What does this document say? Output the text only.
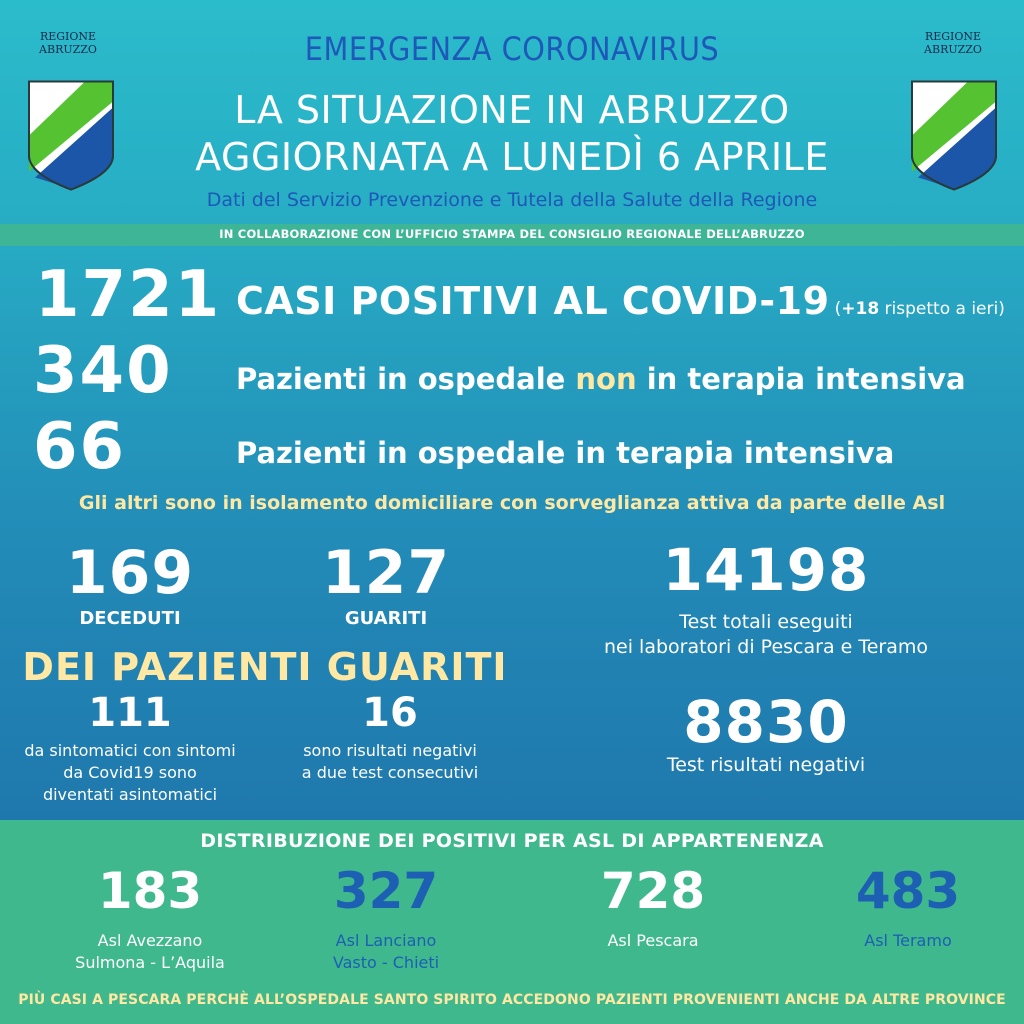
REGIONE
ABRUZZO
REGIONE
ABRUZZO
EMERGENZA CORONAVIRUS
LA SITUAZIONE IN ABRUZZO
AGGIORNATA A LUNEDÌ 6 APRILE
Dati del Servizio Prevenzione e Tutela della Salute della Regione
IN COLLABORAZIONE CON L’UFFICIO STAMPA DEL CONSIGLIO REGIONALE DELL’ABRUZZO
1721 CASI POSITIVI AL COVID-19 (+18 rispetto a ieri)
340 Pazienti in ospedale non in terapia intensiva
66	Pazienti in ospedale in terapia intensiva
Gli altri sono in isolamento domiciliare con sorveglianza attiva da parte delle Asl
169
DECEDUTI
127
GUARITI
DEI PAZIENTI GUARITI
111
da sintomatici con sintomi
da Covid19 sono
diventati asintomatici
16
sono risultati negativi
a due test consecutivi
14198
Test totali eseguiti
nei laboratori di Pescara e Teramo
8830
Test risultati negativi
DISTRIBUZIONE DEI POSITIVI PER ASL DI APPARTENENZA
183
Asl Avezzano
Sulmona - L’Aquila
327
Asl Lanciano
Vasto - Chieti
728
Asl Pescara
483
Asl Teramo
PIÙ CASI A PESCARA PERCHÈ ALL’OSPEDALE SANTO SPIRITO ACCEDONO PAZIENTI PROVENIENTI ANCHE DA ALTRE PROVINCE
